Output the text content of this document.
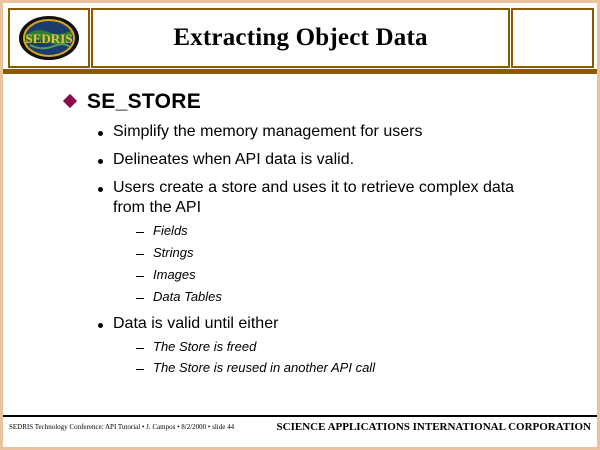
SEDRIS	Extracting Object Data
SE_STORE
Simplify the memory management for users
Delineates when API data is valid.
Users create a store and uses it to retrieve complex data from the API
Fields
Strings
Images
Data Tables
Data is valid until either
The Store is freed
The Store is reused in another API call
SEDRIS Technology Conference: API Tutorial • J. Campos • 8/2/2000 • slide 44	SCIENCE APPLICATIONS INTERNATIONAL CORPORATION
